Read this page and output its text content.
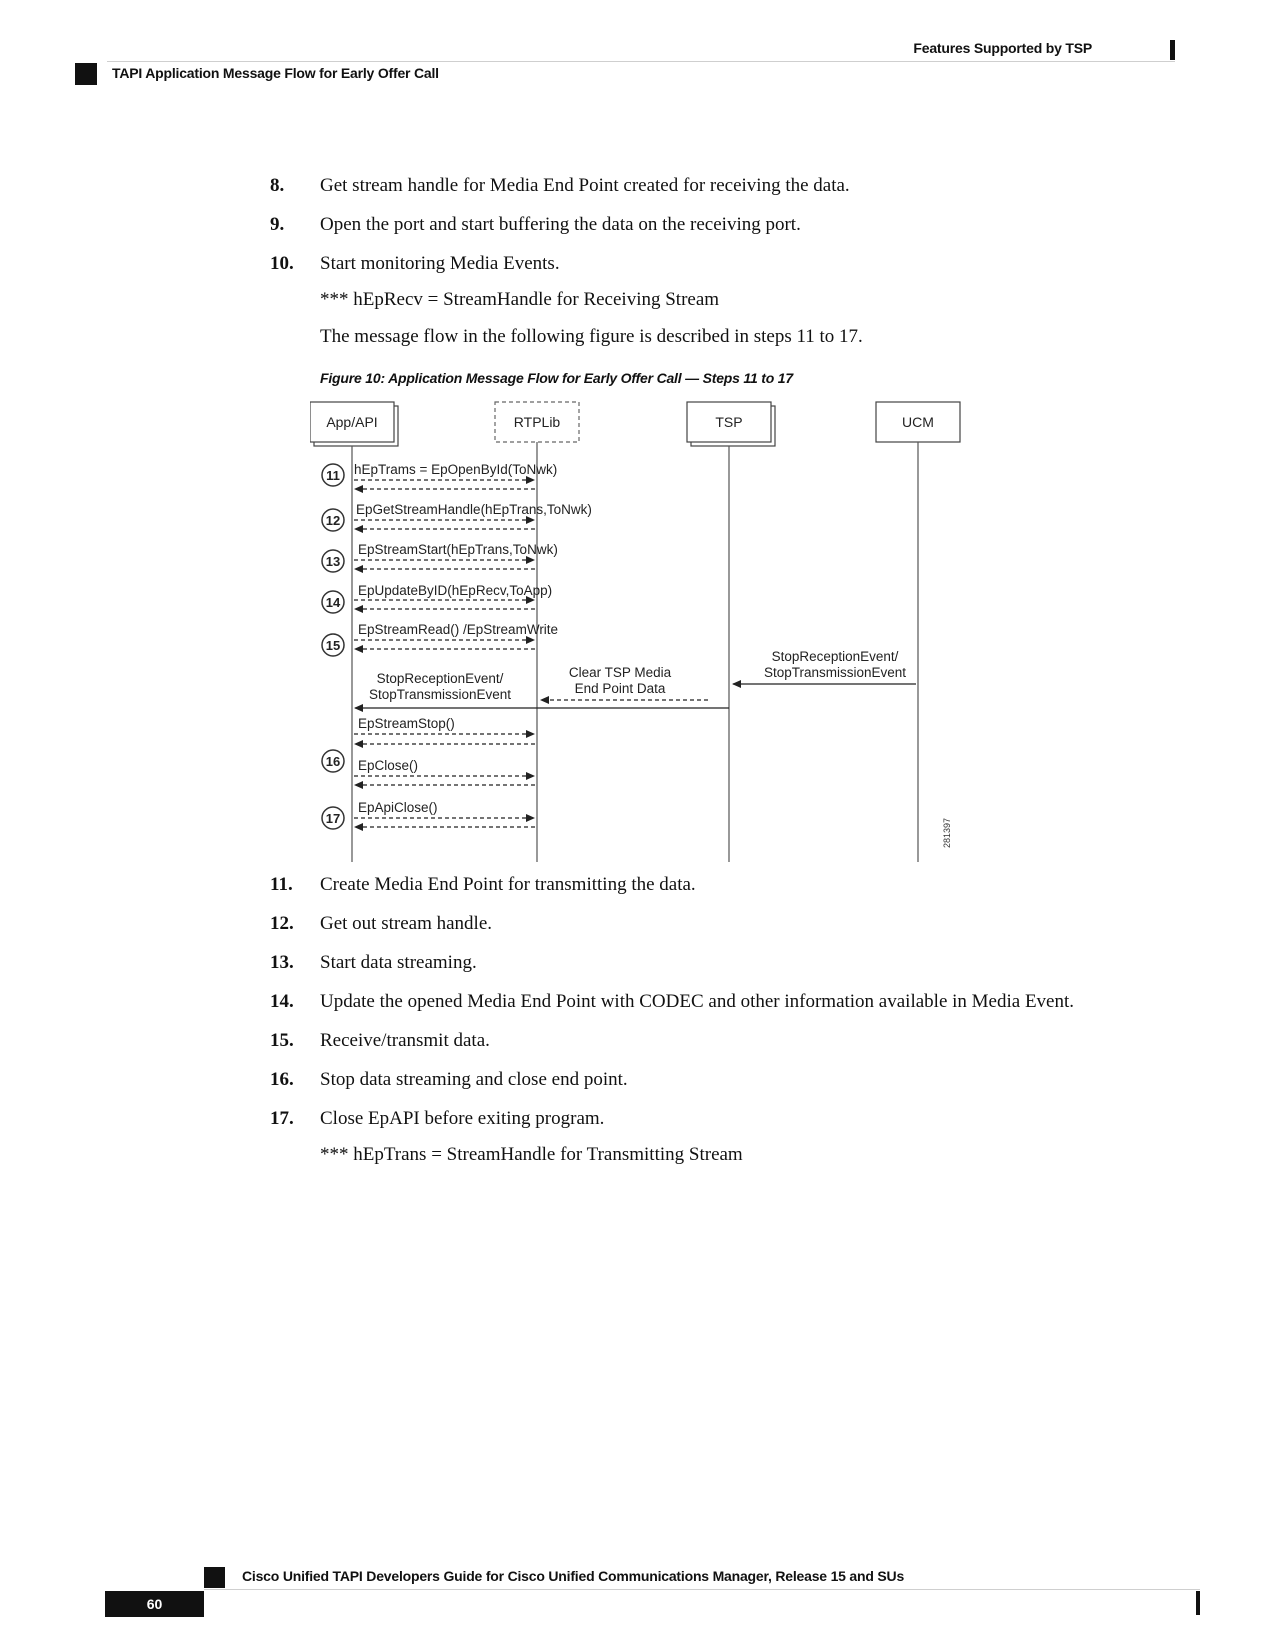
Features Supported by TSP
TAPI Application Message Flow for Early Offer Call
8. Get stream handle for Media End Point created for receiving the data.
9. Open the port and start buffering the data on the receiving port.
10. Start monitoring Media Events.
*** hEpRecv = StreamHandle for Receiving Stream
The message flow in the following figure is described in steps 11 to 17.
Figure 10: Application Message Flow for Early Offer Call — Steps 11 to 17
App/API	RTPLib	TSP	UCM
11
12
13
14
15
16
17
hEpTrams = EpOpenById(ToNwk)
EpGetStreamHandle(hEpTrans,ToNwk)
EpStreamStart(hEpTrans,ToNwk)
EpUpdateByID(hEpRecv,ToApp)
EpStreamRead() /EpStreamWrite
StopReceptionEvent/
StopTransmissionEvent
Clear TSP Media
End Point Data
StopReceptionEvent/
StopTransmissionEvent
EpStreamStop()
EpClose()
EpApiClose()
281397
11. Create Media End Point for transmitting the data.
12. Get out stream handle.
13. Start data streaming.
14. Update the opened Media End Point with CODEC and other information available in Media Event.
15. Receive/transmit data.
16. Stop data streaming and close end point.
17. Close EpAPI before exiting program.
*** hEpTrans = StreamHandle for Transmitting Stream
Cisco Unified TAPI Developers Guide for Cisco Unified Communications Manager, Release 15 and SUs
60
